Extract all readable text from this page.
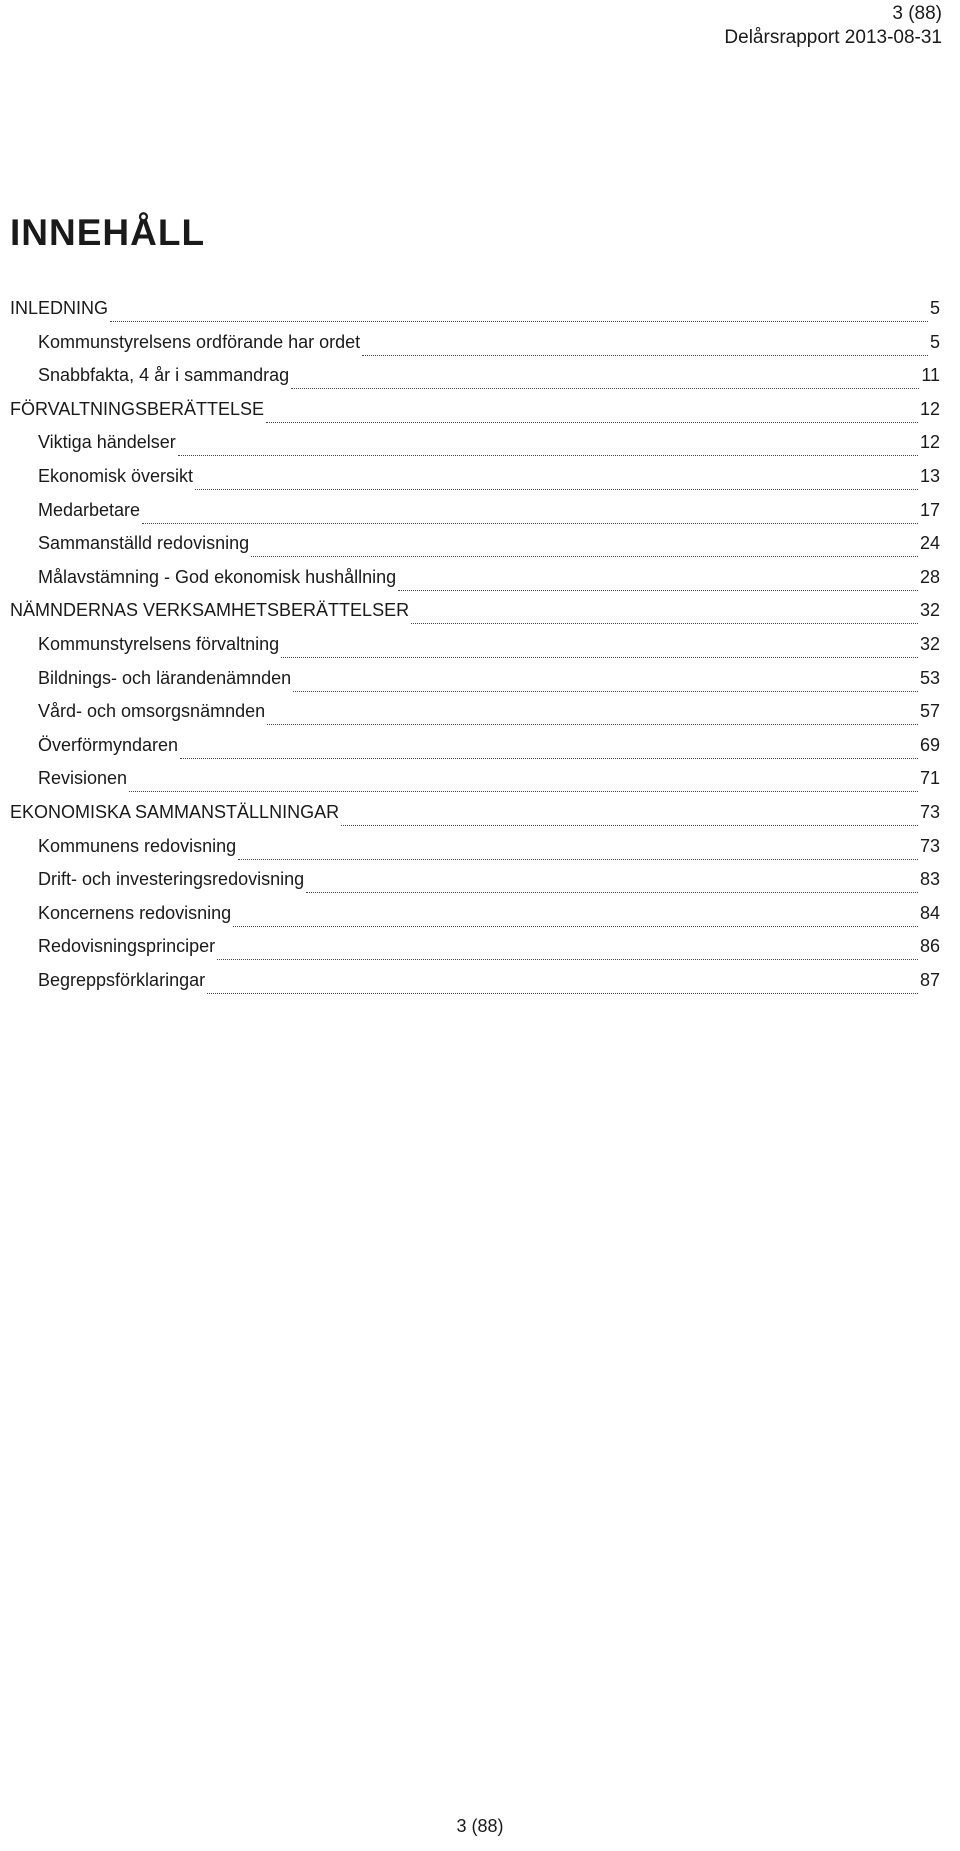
3 (88)
Delårsrapport 2013-08-31
INNEHÅLL
INLEDNING	5
Kommunstyrelsens ordförande har ordet	5
Snabbfakta, 4 år i sammandrag	11
FÖRVALTNINGSBERÄTTELSE	12
Viktiga händelser	12
Ekonomisk översikt	13
Medarbetare	17
Sammanställd redovisning	24
Målavstämning - God ekonomisk hushållning	28
NÄMNDERNAS VERKSAMHETSBERÄTTELSER	32
Kommunstyrelsens förvaltning	32
Bildnings- och lärandenämnden	53
Vård- och omsorgsnämnden	57
Överförmyndaren	69
Revisionen	71
EKONOMISKA SAMMANSTÄLLNINGAR	73
Kommunens redovisning	73
Drift- och investeringsredovisning	83
Koncernens redovisning	84
Redovisningsprinciper	86
Begreppsförklaringar	87
3 (88)
